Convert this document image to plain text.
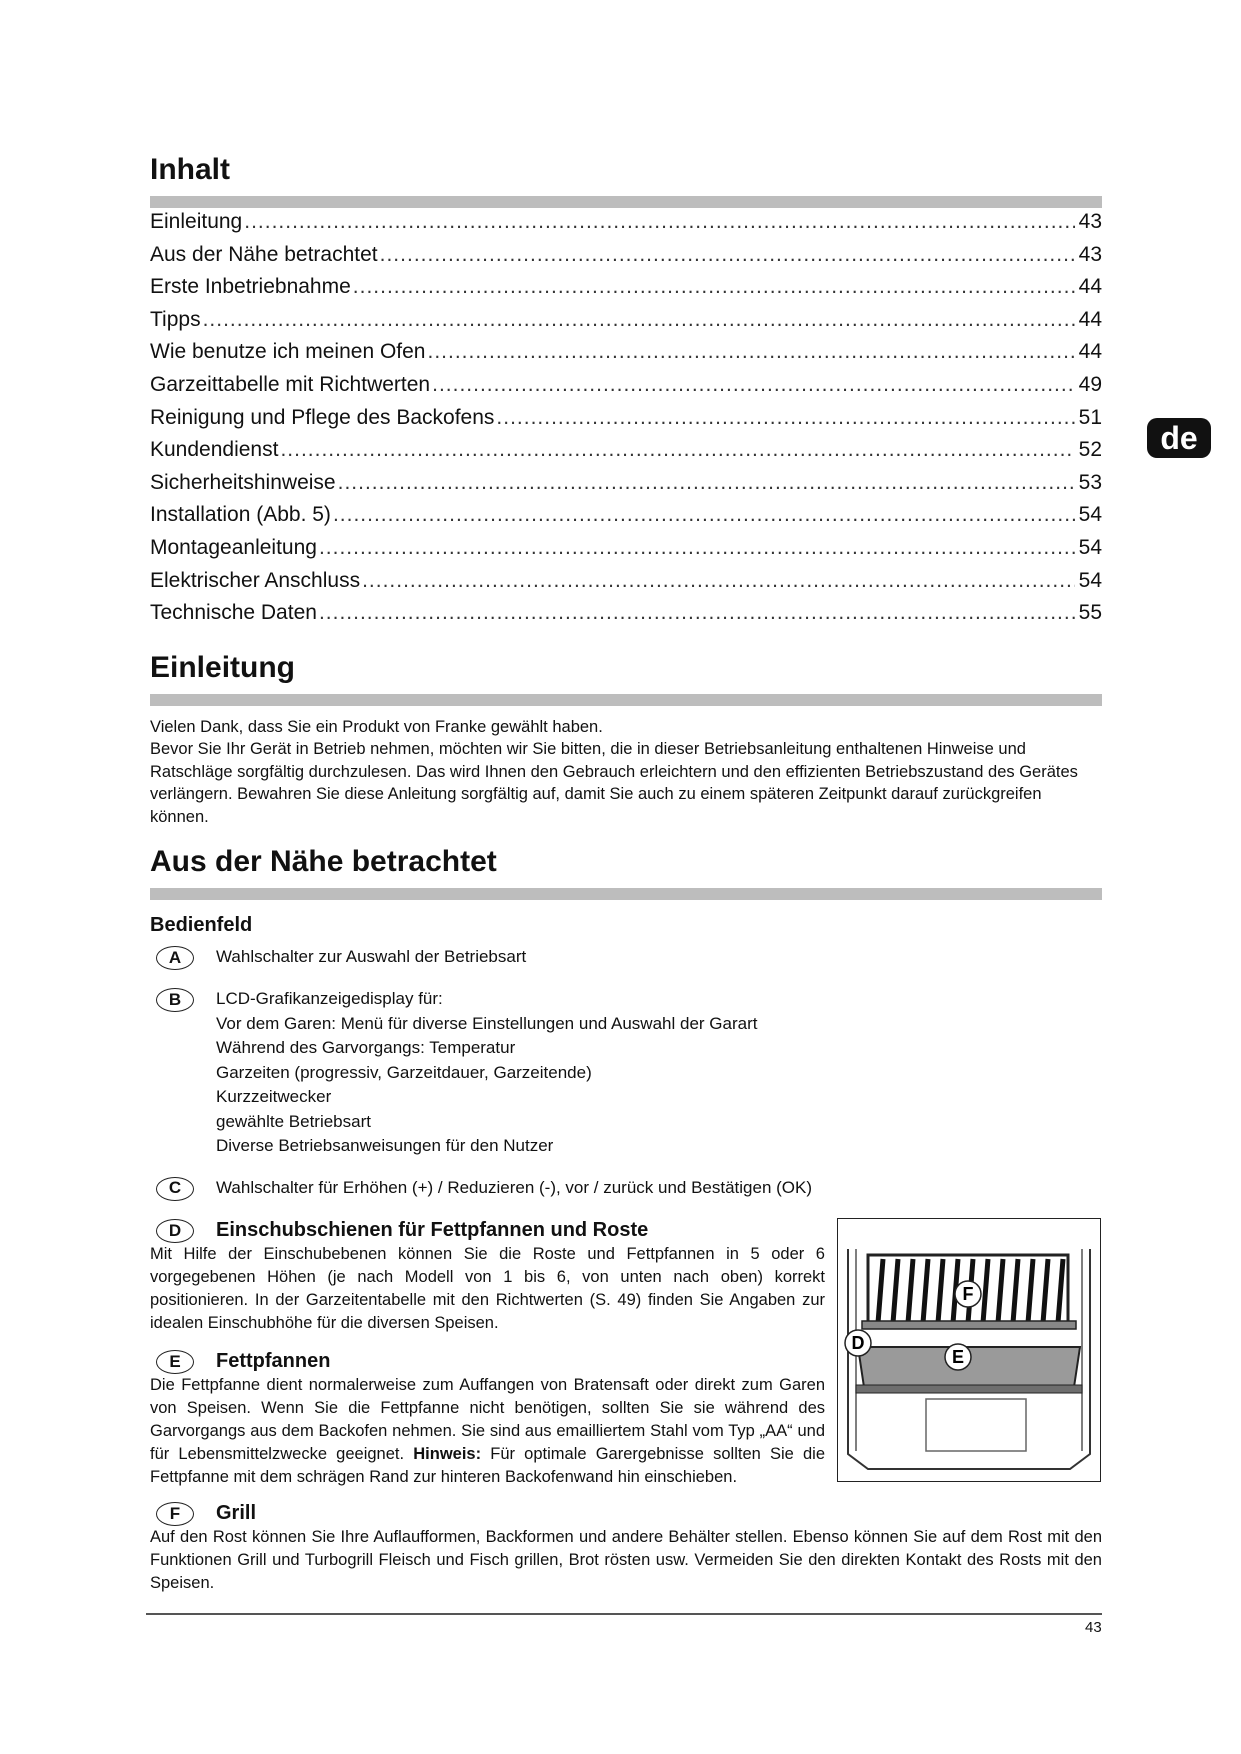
Inhalt
Einleitung .....	43
Aus der Nähe betrachtet .....	43
Erste Inbetriebnahme .....	44
Tipps .....	44
Wie benutze ich meinen Ofen .....	44
Garzeittabelle mit Richtwerten .....	49
Reinigung und Pflege des Backofens .....	51
Kundendienst .....	52
Sicherheitshinweise .....	53
Installation (Abb. 5) .....	54
Montageanleitung .....	54
Elektrischer Anschluss .....	54
Technische Daten .....	55
Einleitung
Vielen Dank, dass Sie ein Produkt von Franke gewählt haben.
Bevor Sie Ihr Gerät in Betrieb nehmen, möchten wir Sie bitten, die in dieser Betriebsanleitung enthaltenen Hinweise und Ratschläge sorgfältig durchzulesen. Das wird Ihnen den Gebrauch erleichtern und den effizienten Betriebszustand des Gerätes verlängern. Bewahren Sie diese Anleitung sorgfältig auf, damit Sie auch zu einem späteren Zeitpunkt darauf zurückgreifen können.
Aus der Nähe betrachtet
Bedienfeld
A	Wahlschalter zur Auswahl der Betriebsart
B	LCD-Grafikanzeigedisplay für:
Vor dem Garen: Menü für diverse Einstellungen und Auswahl der Garart
Während des Garvorgangs: Temperatur
Garzeiten (progressiv, Garzeitdauer, Garzeitende)
Kurzzeitwecker
gewählte Betriebsart
Diverse Betriebsanweisungen für den Nutzer
C	Wahlschalter für Erhöhen (+) / Reduzieren (-), vor / zurück und Bestätigen (OK)
D	Einschubschienen für Fettpfannen und Roste
Mit Hilfe der Einschubebenen können Sie die Roste und Fettpfannen in 5 oder 6 vorgegebenen Höhen (je nach Modell von 1 bis 6, von unten nach oben) korrekt positionieren. In der Garzeitentabelle mit den Richtwerten (S. 49) finden Sie Angaben zur idealen Einschubhöhe für die diversen Speisen.
E	Fettpfannen
Die Fettpfanne dient normalerweise zum Auffangen von Bratensaft oder direkt zum Garen von Speisen. Wenn Sie die Fettpfanne nicht benötigen, sollten Sie sie während des Garvorgangs aus dem Backofen nehmen. Sie sind aus emailliertem Stahl vom Typ „AA“ und für Lebensmittelzwecke geeignet. Hinweis: Für optimale Garergebnisse sollten Sie die Fettpfanne mit dem schrägen Rand zur hinteren Backofenwand hin einschieben.
F
D
E
F	Grill
Auf den Rost können Sie Ihre Auflaufformen, Backformen und andere Behälter stellen. Ebenso können Sie auf dem Rost mit den Funktionen Grill und Turbogrill Fleisch und Fisch grillen, Brot rösten usw. Vermeiden Sie den direkten Kontakt des Rosts mit den Speisen.
de
43
